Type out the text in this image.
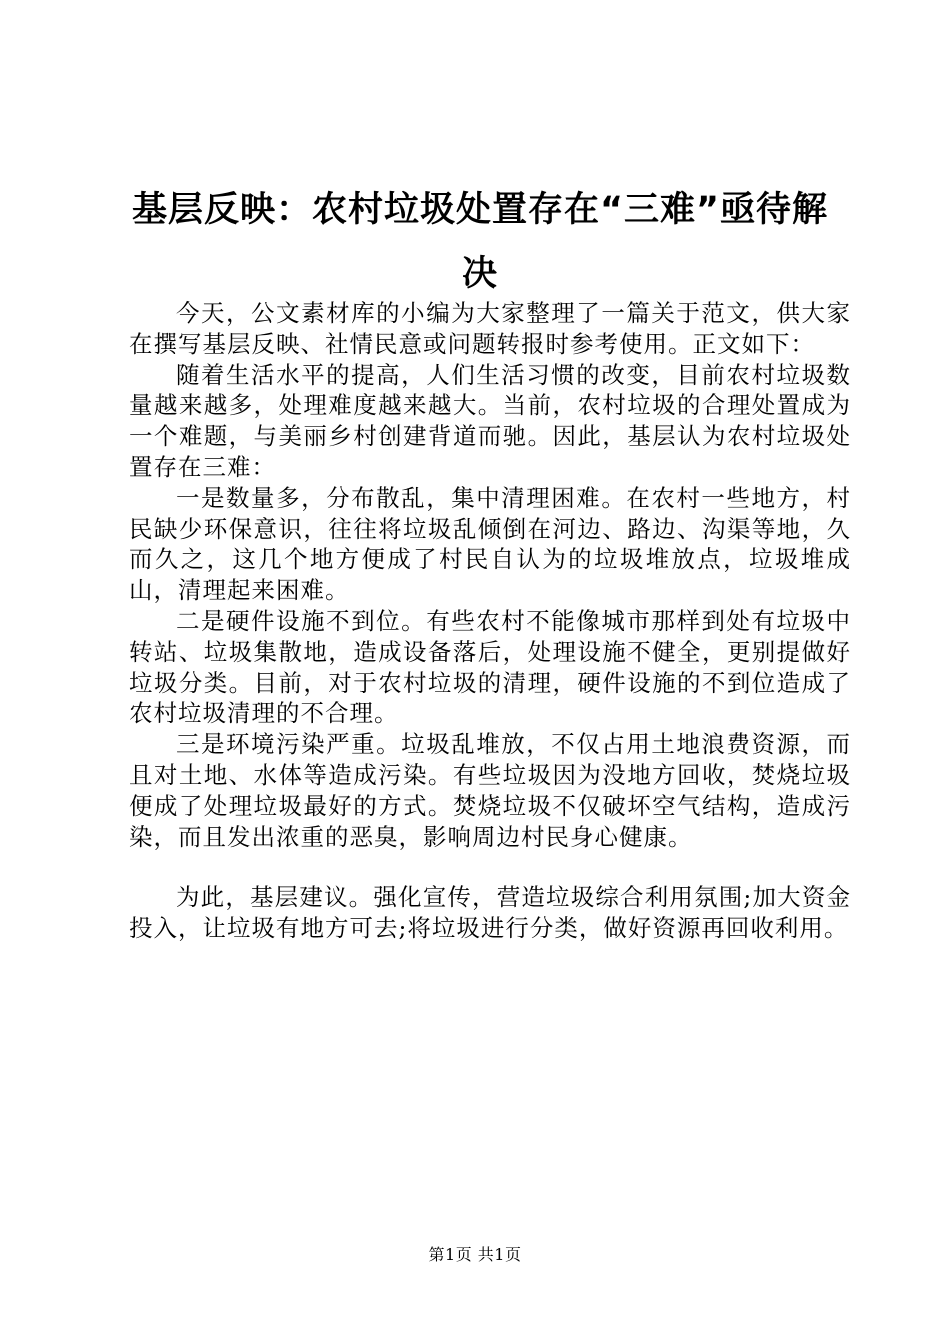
基层反映：农村垃圾处置存在“三难”亟待解决

今天，公文素材库的小编为大家整理了一篇关于范文，供大家在撰写基层反映、社情民意或问题转报时参考使用。正文如下：

随着生活水平的提高，人们生活习惯的改变，目前农村垃圾数量越来越多，处理难度越来越大。当前，农村垃圾的合理处置成为一个难题，与美丽乡村创建背道而驰。因此，基层认为农村垃圾处置存在三难：

一是数量多，分布散乱，集中清理困难。在农村一些地方，村民缺少环保意识，往往将垃圾乱倾倒在河边、路边、沟渠等地，久而久之，这几个地方便成了村民自认为的垃圾堆放点，垃圾堆成山，清理起来困难。

二是硬件设施不到位。有些农村不能像城市那样到处有垃圾中转站、垃圾集散地，造成设备落后，处理设施不健全，更别提做好垃圾分类。目前，对于农村垃圾的清理，硬件设施的不到位造成了农村垃圾清理的不合理。

三是环境污染严重。垃圾乱堆放，不仅占用土地浪费资源，而且对土地、水体等造成污染。有些垃圾因为没地方回收，焚烧垃圾便成了处理垃圾最好的方式。焚烧垃圾不仅破坏空气结构，造成污染，而且发出浓重的恶臭，影响周边村民身心健康。

为此，基层建议。强化宣传，营造垃圾综合利用氛围;加大资金投入，让垃圾有地方可去;将垃圾进行分类，做好资源再回收利用。

第1页 共1页
